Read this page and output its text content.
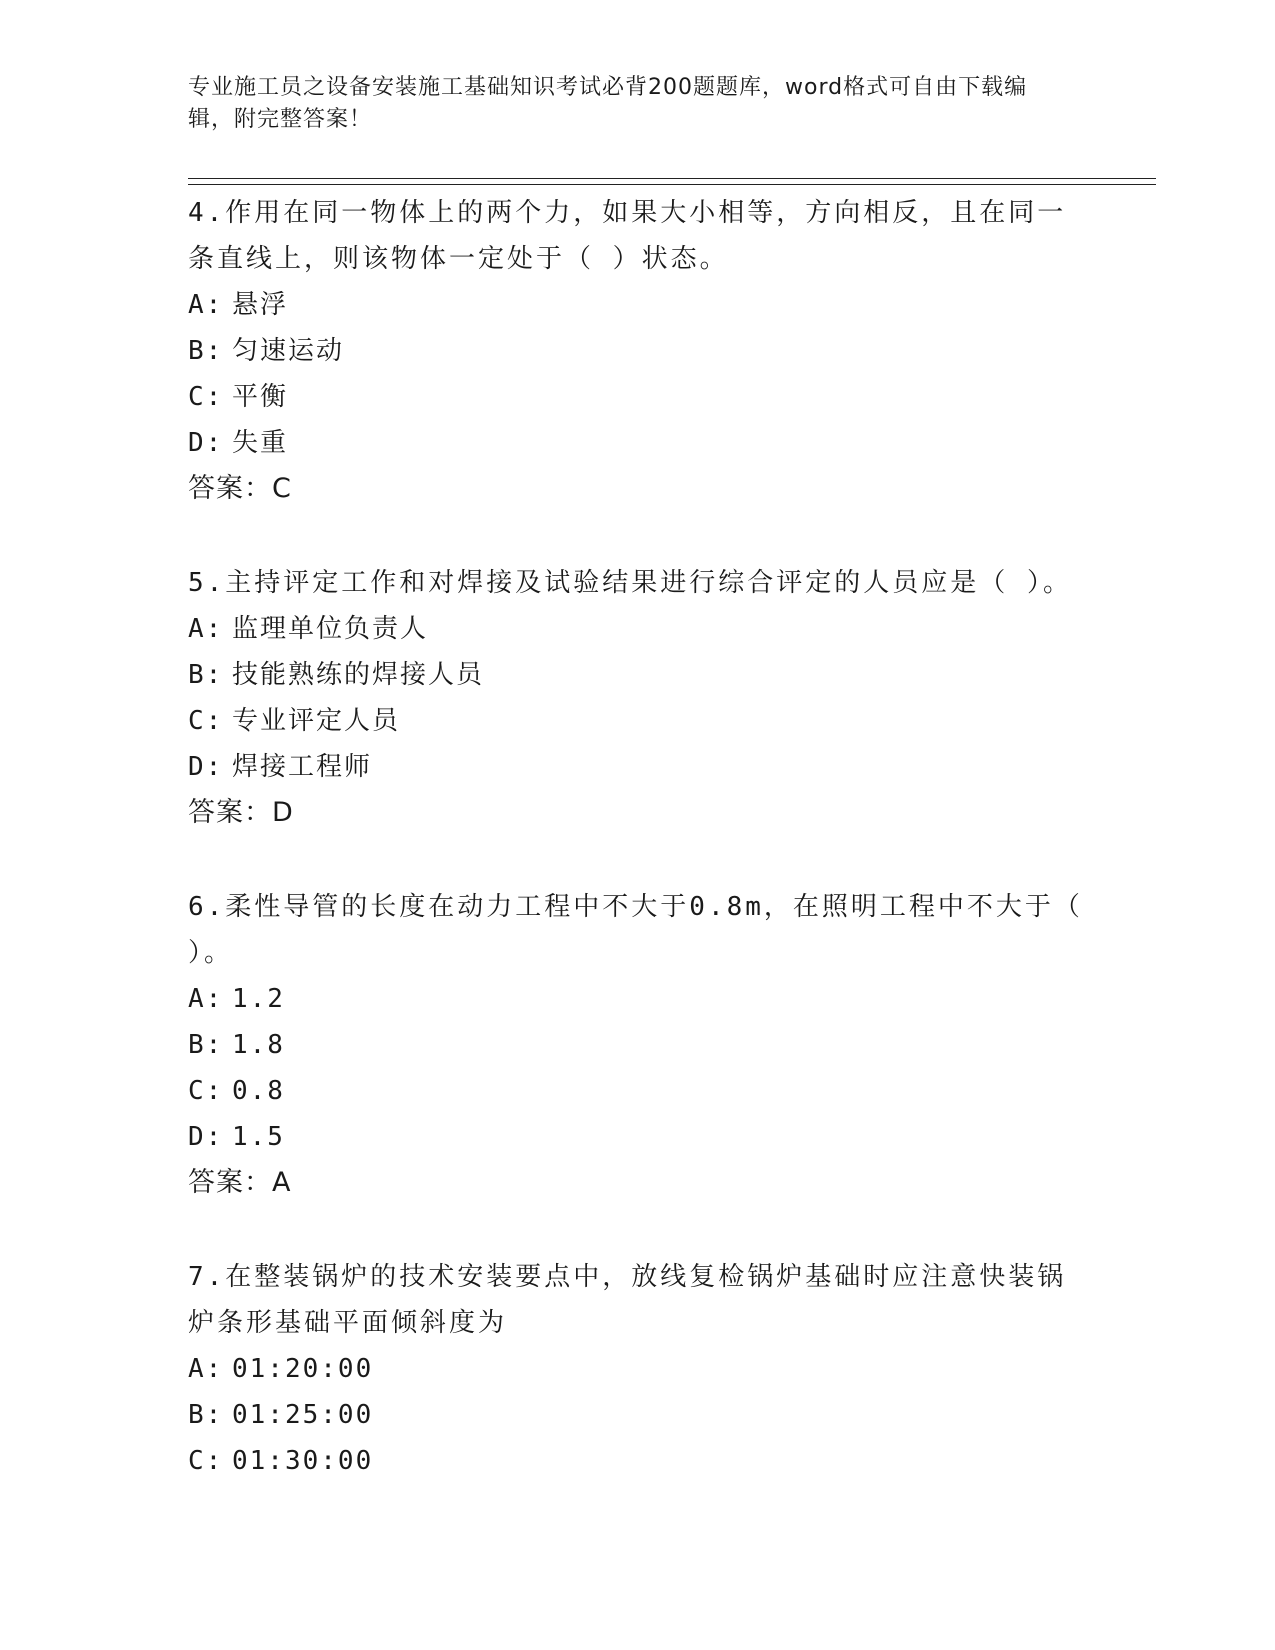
专业施工员之设备安装施工基础知识考试必背200题题库，word格式可自由下载编辑，附完整答案！

4.作用在同一物体上的两个力，如果大小相等，方向相反，且在同一条直线上，则该物体一定处于（ ）状态。

A: 悬浮
B: 匀速运动
C: 平衡
D: 失重
答案：C

5.主持评定工作和对焊接及试验结果进行综合评定的人员应是（ ）。

A: 监理单位负责人
B: 技能熟练的焊接人员
C: 专业评定人员
D: 焊接工程师
答案：D

6.柔性导管的长度在动力工程中不大于0.8m，在照明工程中不大于（ ）。

A: 1.2
B: 1.8
C: 0.8
D: 1.5
答案：A

7.在整装锅炉的技术安装要点中，放线复检锅炉基础时应注意快装锅炉条形基础平面倾斜度为

A: 01:20:00
B: 01:25:00
C: 01:30:00
